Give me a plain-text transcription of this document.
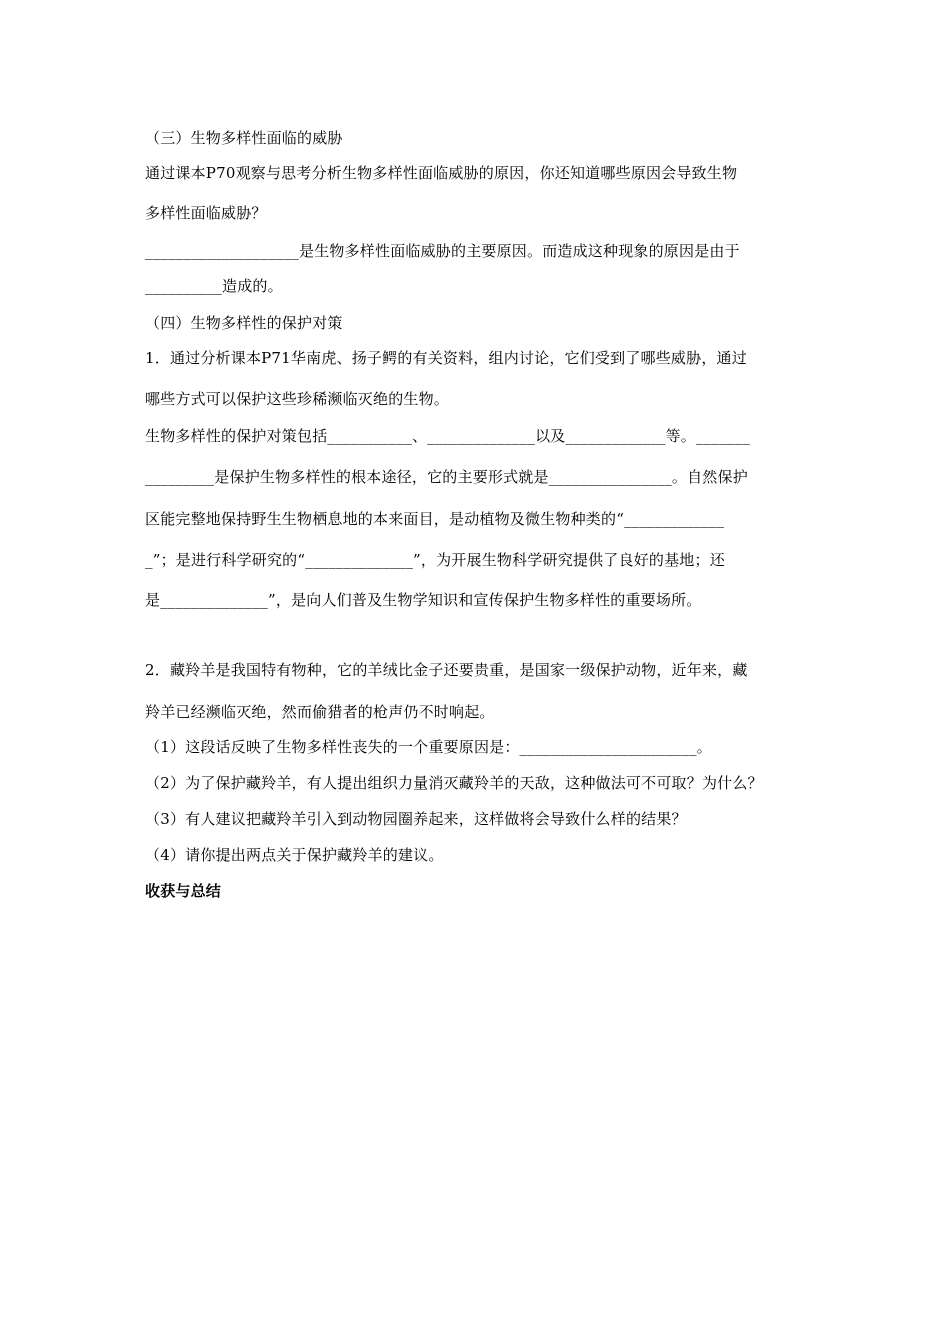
（三）生物多样性面临的威胁
通过课本P70观察与思考分析生物多样性面临威胁的原因，你还知道哪些原因会导致生物
多样性面临威胁？
____________________是生物多样性面临威胁的主要原因。而造成这种现象的原因是由于
__________造成的。
（四）生物多样性的保护对策
1．通过分析课本P71华南虎、扬子鳄的有关资料，组内讨论，它们受到了哪些威胁，通过
哪些方式可以保护这些珍稀濒临灭绝的生物。
生物多样性的保护对策包括___________、______________以及_____________等。_______
_________是保护生物多样性的根本途径，它的主要形式就是________________。自然保护
区能完整地保持野生生物栖息地的本来面目，是动植物及微生物种类的“_____________
_”；是进行科学研究的“______________”，为开展生物科学研究提供了良好的基地；还
是______________”，是向人们普及生物学知识和宣传保护生物多样性的重要场所。
2．藏羚羊是我国特有物种，它的羊绒比金子还要贵重，是国家一级保护动物，近年来，藏
羚羊已经濒临灭绝，然而偷猎者的枪声仍不时响起。
（1）这段话反映了生物多样性丧失的一个重要原因是：_______________________。
（2）为了保护藏羚羊，有人提出组织力量消灭藏羚羊的天敌，这种做法可不可取？为什么？
（3）有人建议把藏羚羊引入到动物园圈养起来，这样做将会导致什么样的结果？
（4）请你提出两点关于保护藏羚羊的建议。
收获与总结
